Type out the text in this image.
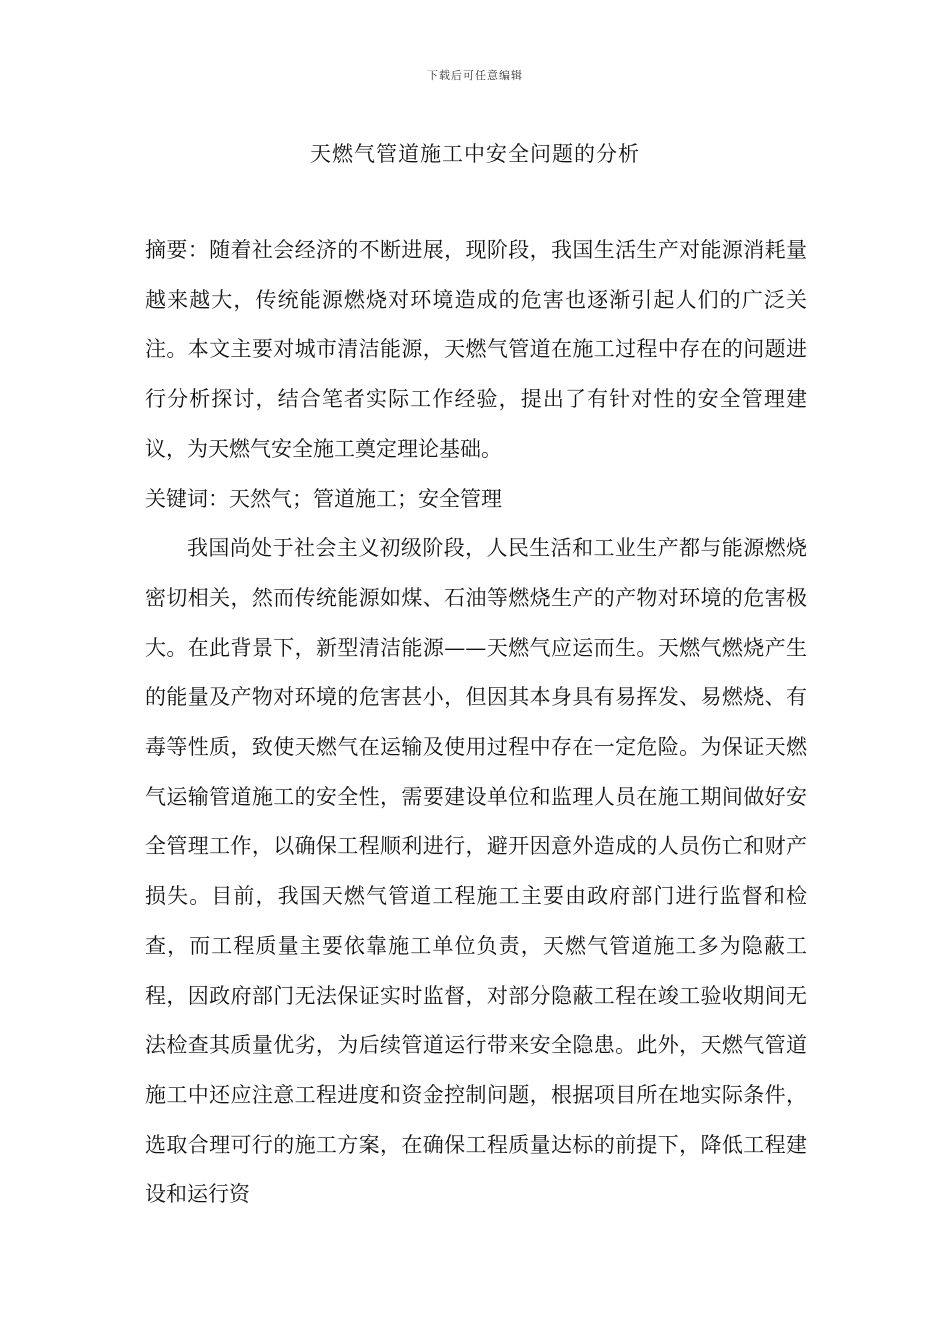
下载后可任意编辑
天燃气管道施工中安全问题的分析

摘要：随着社会经济的不断进展，现阶段，我国生活生产对能源消耗量越来越大，传统能源燃烧对环境造成的危害也逐渐引起人们的广泛关注。本文主要对城市清洁能源，天燃气管道在施工过程中存在的问题进行分析探讨，结合笔者实际工作经验，提出了有针对性的安全管理建议，为天燃气安全施工奠定理论基础。

关键词：天然气；管道施工；安全管理

我国尚处于社会主义初级阶段，人民生活和工业生产都与能源燃烧密切相关，然而传统能源如煤、石油等燃烧生产的产物对环境的危害极大。在此背景下，新型清洁能源——天燃气应运而生。天燃气燃烧产生的能量及产物对环境的危害甚小，但因其本身具有易挥发、易燃烧、有毒等性质，致使天燃气在运输及使用过程中存在一定危险。为保证天燃气运输管道施工的安全性，需要建设单位和监理人员在施工期间做好安全管理工作，以确保工程顺利进行，避开因意外造成的人员伤亡和财产损失。目前，我国天燃气管道工程施工主要由政府部门进行监督和检查，而工程质量主要依靠施工单位负责，天燃气管道施工多为隐蔽工程，因政府部门无法保证实时监督，对部分隐蔽工程在竣工验收期间无法检查其质量优劣，为后续管道运行带来安全隐患。此外，天燃气管道施工中还应注意工程进度和资金控制问题，根据项目所在地实际条件，选取合理可行的施工方案，在确保工程质量达标的前提下，降低工程建设和运行资
